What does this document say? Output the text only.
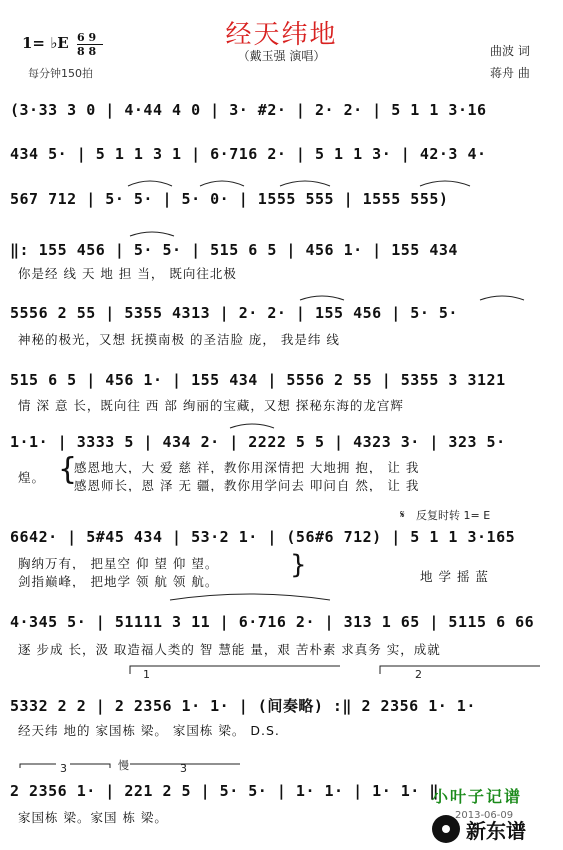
经天纬地
（戴玉强 演唱）
1= ♭E 6 9
8 8
每分钟150拍
曲波 词
蒋舟 曲
(3·33 3 0 | 4·44 4 0 | 3· #2· | 2· 2· | 5 1 1 3·16
434 5· | 5 1 1 3 1 | 6·716 2· | 5 1 1 3· | 42·3 4·
567 712 | 5· 5· | 5· 0· | 1555 555 | 1555 555)
‖: 155 456 | 5· 5· | 515 6 5 | 456 1· | 155 434
你是经 线 天 地 担 当， 既向往北极
5556 2 55 | 5355 4313 | 2· 2· | 155 456 | 5· 5·
神秘的极光，又想 抚摸南极 的圣洁脸 庞， 我是纬 线
515 6 5 | 456 1· | 155 434 | 5556 2 55 | 5355 3 3121
情 深 意 长，既向往 西 部 绚丽的宝藏，又想 探秘东海的龙宫辉
1·1· | 3333 5 | 434 2· | 2222 5 5 | 4323 3· | 323 5·
煌。 {
感恩地大，大 爱 慈 祥，教你用深情把 大地拥 抱， 让 我
感恩师长，恩 泽 无 疆，教你用学问去 叩问自 然， 让 我
𝄋 反复时转 1= E
6642· | 5#45 434 | 53·2 1· | (56#6 712) | 5 1 1 3·165
胸纳万有， 把星空 仰 望 仰 望。
剑指巅峰， 把地学 领 航 领 航。
}	地 学 摇 蓝
4·345 5· | 51111 3 11 | 6·716 2· | 313 1 65 | 5115 6 66
逐 步成 长，汲 取造福人类的 智 慧能 量，艰 苦朴素 求真务 实，成就
1	2
5332 2 2 | 2 2356 1· 1· | (间奏略) :‖ 2 2356 1· 1·
经天纬 地的 家国栋 梁。 家国栋 梁。 D.S.
慢
3	3
2 2356 1· | 221 2 5 | 5· 5· | 1· 1· | 1· 1· ‖
家国栋 梁。家国 栋 梁。
小叶子记谱
2013-06-09
新东谱
